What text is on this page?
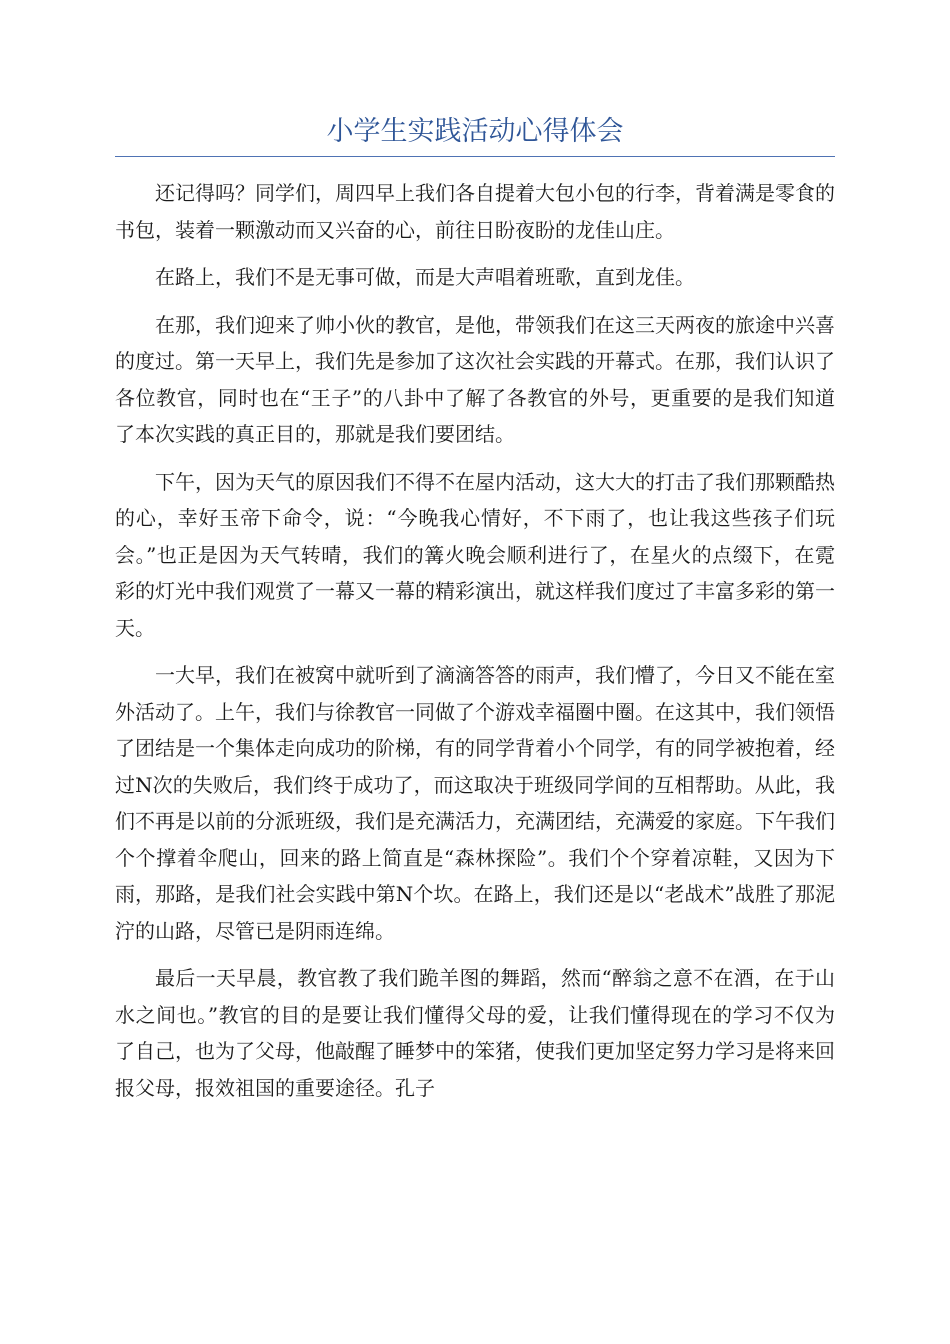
小学生实践活动心得体会

还记得吗？同学们，周四早上我们各自提着大包小包的行李，背着满是零食的书包，装着一颗激动而又兴奋的心，前往日盼夜盼的龙佳山庄。

在路上，我们不是无事可做，而是大声唱着班歌，直到龙佳。

在那，我们迎来了帅小伙的教官，是他，带领我们在这三天两夜的旅途中兴喜的度过。第一天早上，我们先是参加了这次社会实践的开幕式。在那，我们认识了各位教官，同时也在“王子”的八卦中了解了各教官的外号，更重要的是我们知道了本次实践的真正目的，那就是我们要团结。

下午，因为天气的原因我们不得不在屋内活动，这大大的打击了我们那颗酷热的心，幸好玉帝下命令，说：“今晚我心情好，不下雨了，也让我这些孩子们玩会。”也正是因为天气转晴，我们的篝火晚会顺利进行了，在星火的点缀下，在霓彩的灯光中我们观赏了一幕又一幕的精彩演出，就这样我们度过了丰富多彩的第一天。

一大早，我们在被窝中就听到了滴滴答答的雨声，我们懵了，今日又不能在室外活动了。上午，我们与徐教官一同做了个游戏幸福圈中圈。在这其中，我们领悟了团结是一个集体走向成功的阶梯，有的同学背着小个同学，有的同学被抱着，经过N次的失败后，我们终于成功了，而这取决于班级同学间的互相帮助。从此，我们不再是以前的分派班级，我们是充满活力，充满团结，充满爱的家庭。下午我们个个撑着伞爬山，回来的路上简直是“森林探险”。我们个个穿着凉鞋，又因为下雨，那路，是我们社会实践中第N个坎。在路上，我们还是以“老战术”战胜了那泥泞的山路，尽管已是阴雨连绵。

最后一天早晨，教官教了我们跪羊图的舞蹈，然而“醉翁之意不在酒，在于山水之间也。”教官的目的是要让我们懂得父母的爱，让我们懂得现在的学习不仅为了自己，也为了父母，他敲醒了睡梦中的笨猪，使我们更加坚定努力学习是将来回报父母，报效祖国的重要途径。孔子
